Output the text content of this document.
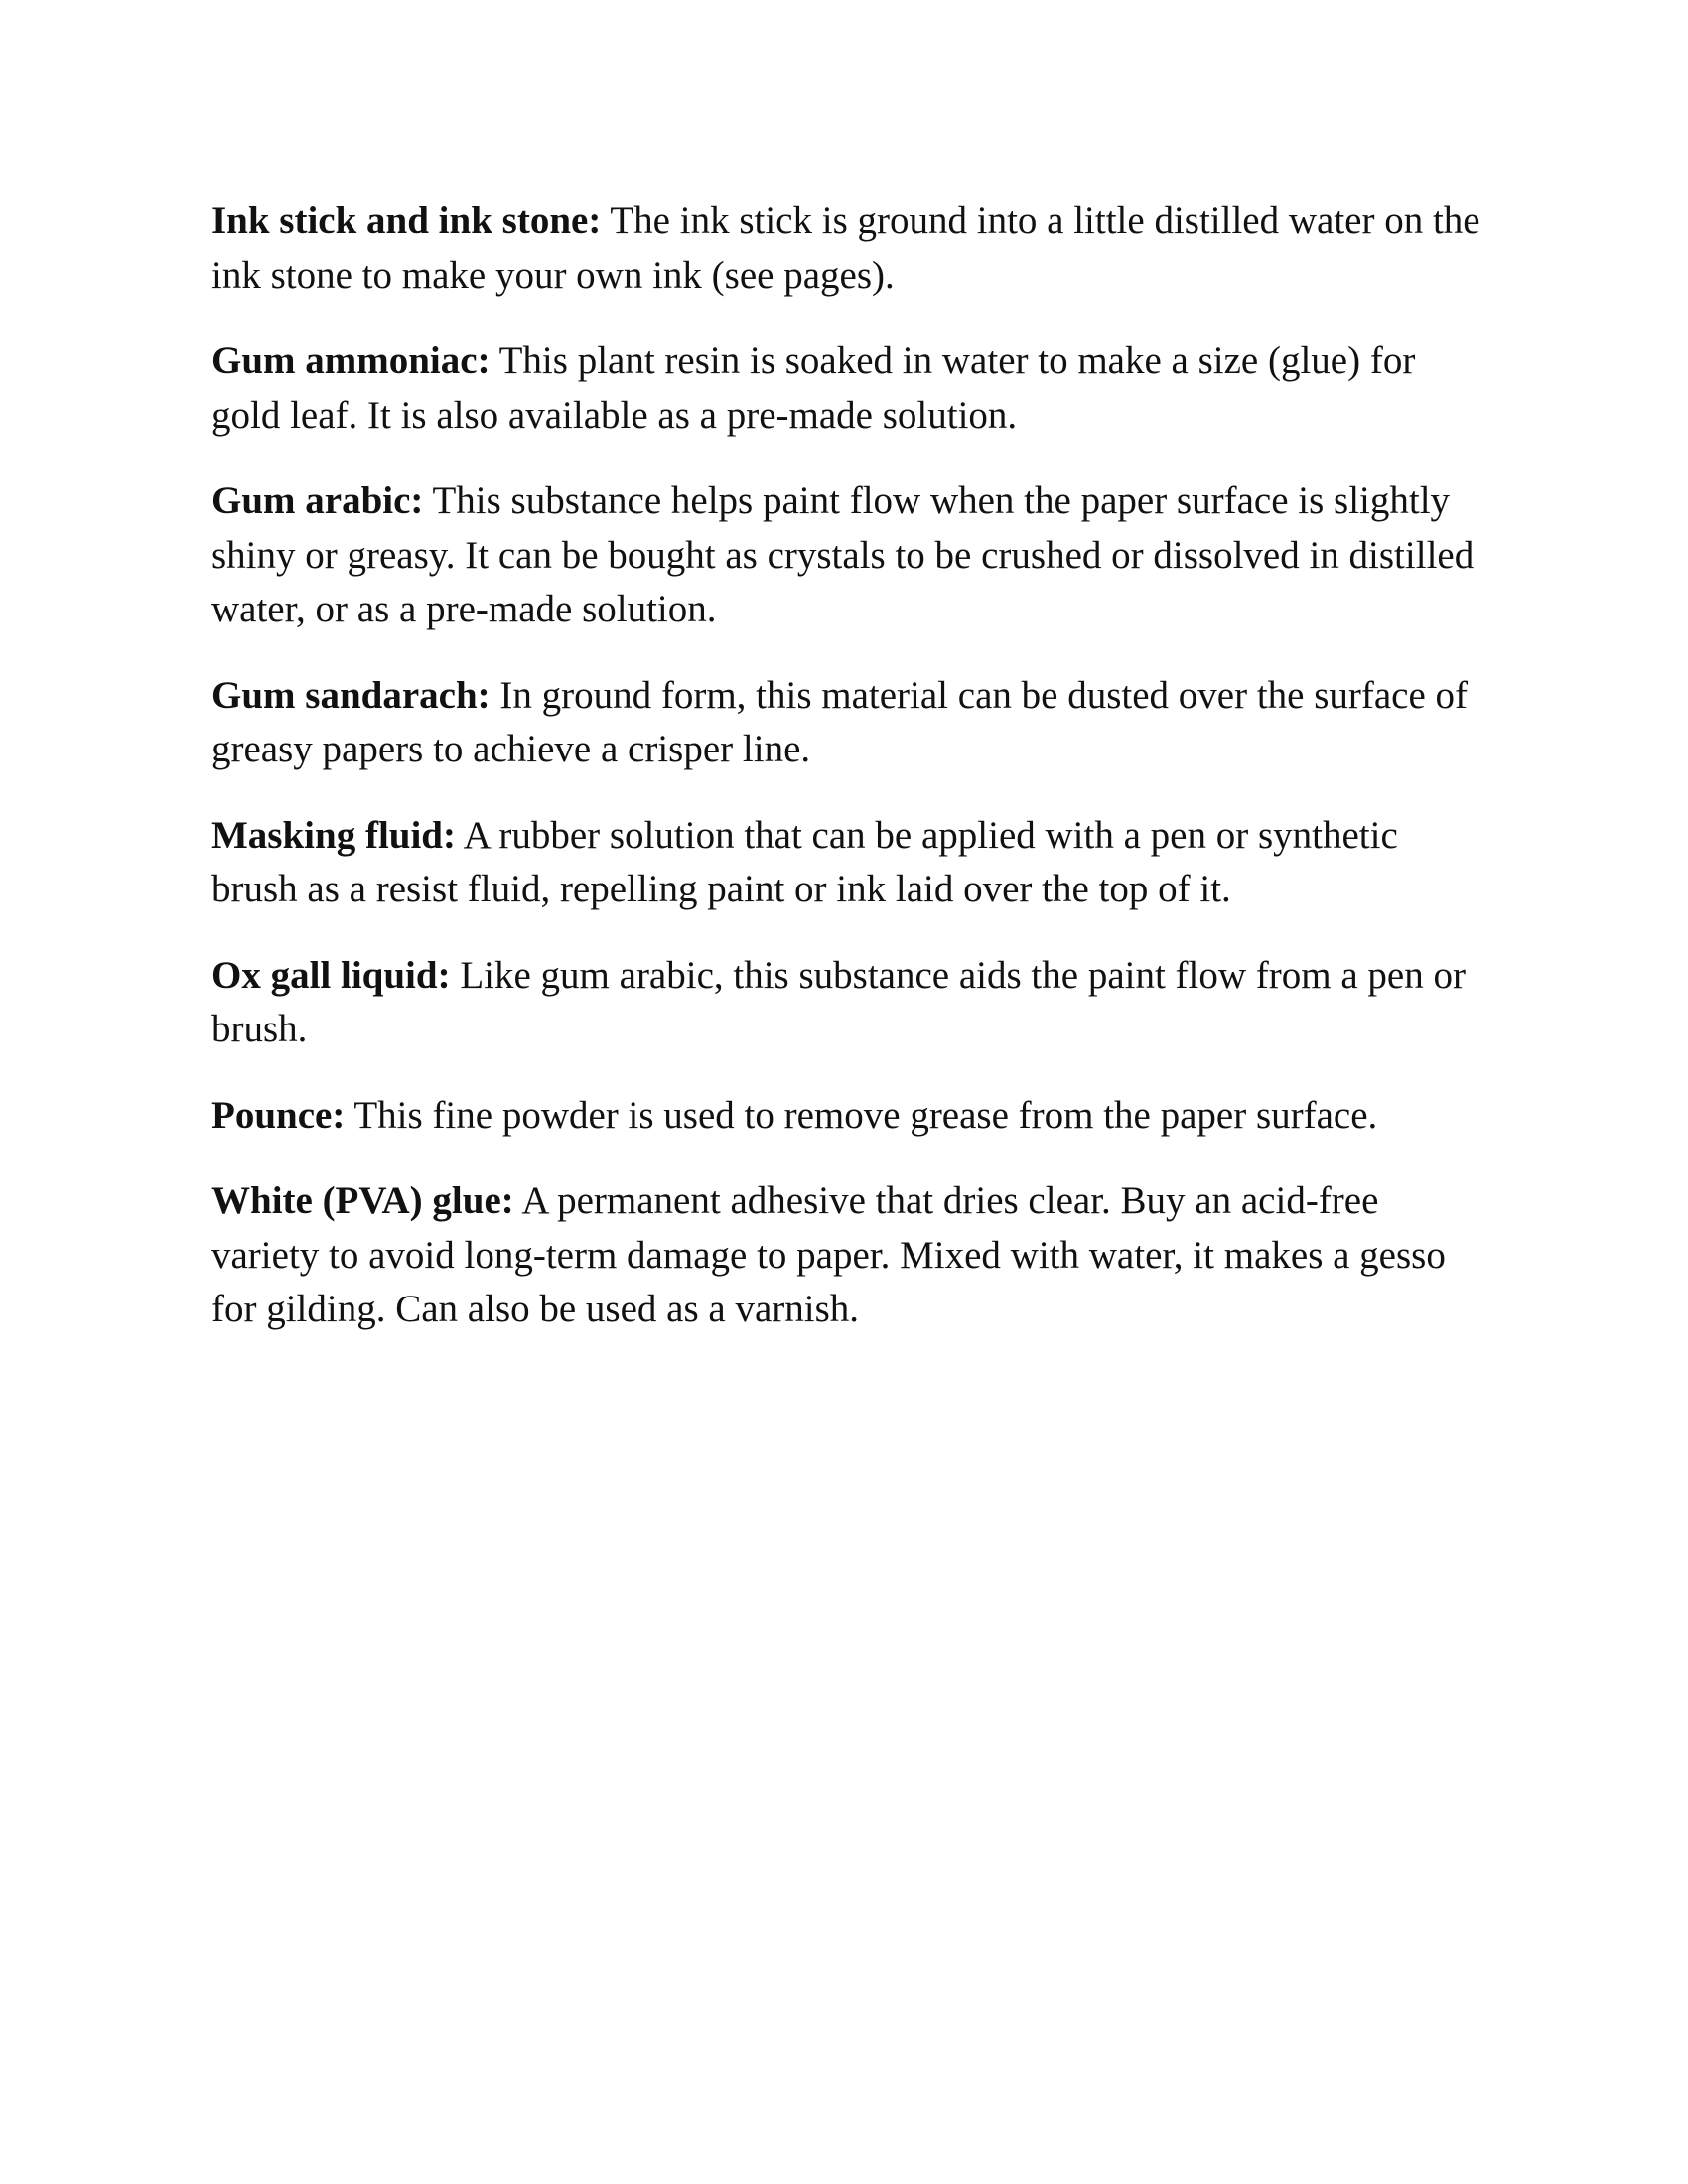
Ink stick and ink stone: The ink stick is ground into a little distilled water on the ink stone to make your own ink (see pages).

Gum ammoniac: This plant resin is soaked in water to make a size (glue) for gold leaf. It is also available as a pre-made solution.

Gum arabic: This substance helps paint flow when the paper surface is slightly shiny or greasy. It can be bought as crystals to be crushed or dissolved in distilled water, or as a pre-made solution.

Gum sandarach: In ground form, this material can be dusted over the surface of greasy papers to achieve a crisper line.

Masking fluid: A rubber solution that can be applied with a pen or synthetic brush as a resist fluid, repelling paint or ink laid over the top of it.

Ox gall liquid: Like gum arabic, this substance aids the paint flow from a pen or brush.

Pounce: This fine powder is used to remove grease from the paper surface.

White (PVA) glue: A permanent adhesive that dries clear. Buy an acid-free variety to avoid long-term damage to paper. Mixed with water, it makes a gesso for gilding. Can also be used as a varnish.
